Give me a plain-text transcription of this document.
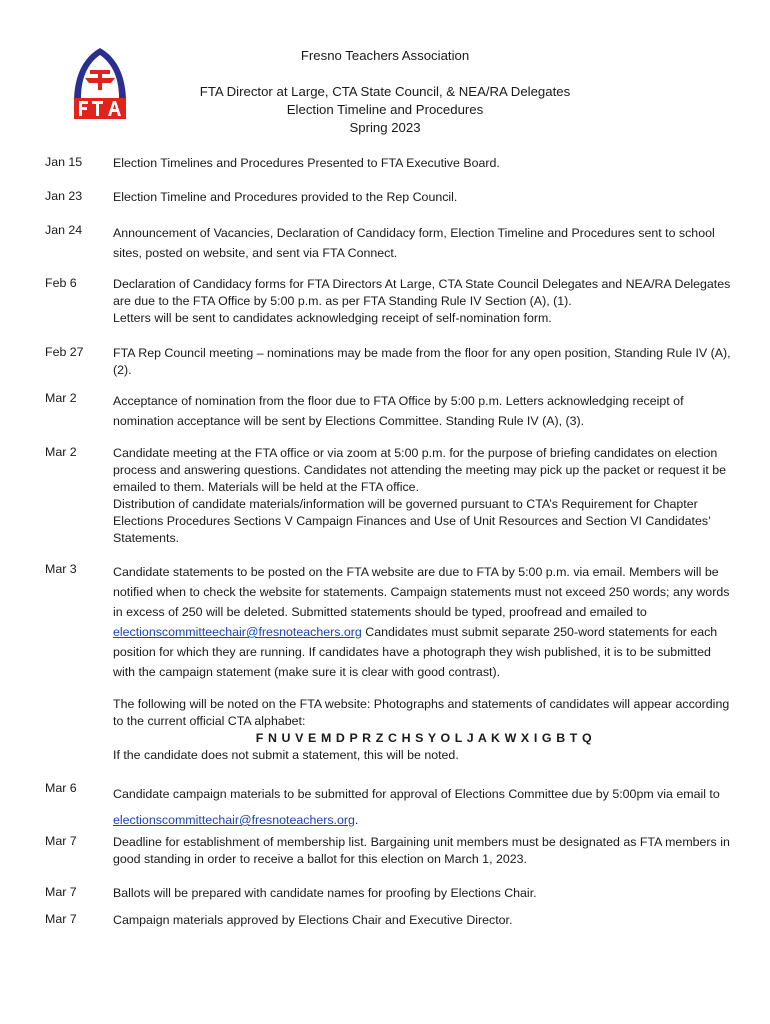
Fresno Teachers Association
FTA Director at Large, CTA State Council, & NEA/RA Delegates
Election Timeline and Procedures
Spring 2023
Jan 15	Election Timelines and Procedures Presented to FTA Executive Board.
Jan 23	Election Timeline and Procedures provided to the Rep Council.
Jan 24	Announcement of Vacancies, Declaration of Candidacy form, Election Timeline and Procedures sent to school sites, posted on website, and sent via FTA Connect.
Feb 6	Declaration of Candidacy forms for FTA Directors At Large, CTA State Council Delegates and NEA/RA Delegates are due to the FTA Office by 5:00 p.m. as per FTA Standing Rule IV Section (A), (1).

Letters will be sent to candidates acknowledging receipt of self-nomination form.

Feb 27	FTA Rep Council meeting – nominations may be made from the floor for any open position, Standing Rule IV (A), (2).
Mar 2	Acceptance of nomination from the floor due to FTA Office by 5:00 p.m. Letters acknowledging receipt of nomination acceptance will be sent by Elections Committee. Standing Rule IV (A), (3).
Mar 2	Candidate meeting at the FTA office or via zoom at 5:00 p.m. for the purpose of briefing candidates on election process and answering questions. Candidates not attending the meeting may pick up the packet or request it be emailed to them. Materials will be held at the FTA office.

Distribution of candidate materials/information will be governed pursuant to CTA’s Requirement for Chapter Elections Procedures Sections V Campaign Finances and Use of Unit Resources and Section VI Candidates’ Statements.

Mar 3	Candidate statements to be posted on the FTA website are due to FTA by 5:00 p.m. via email. Members will be notified when to check the website for statements. Campaign statements must not exceed 250 words; any words in excess of 250 will be deleted. Submitted statements should be typed, proofread and emailed to electionscommitteechair@fresnoteachers.org Candidates must submit separate 250-word statements for each position for which they are running. If candidates have a photograph they wish published, it is to be submitted with the campaign statement (make sure it is clear with good contrast).

The following will be noted on the FTA website: Photographs and statements of candidates will appear according to the current official CTA alphabet:

F N U V E M D P R Z C H S Y O L J A K W X I G B T Q

If the candidate does not submit a statement, this will be noted.

Mar 6	Candidate campaign materials to be submitted for approval of Elections Committee due by 5:00pm via email to electionscommittechair@fresnoteachers.org.
Mar 7	Deadline for establishment of membership list. Bargaining unit members must be designated as FTA members in good standing in order to receive a ballot for this election on March 1, 2023.
Mar 7	Ballots will be prepared with candidate names for proofing by Elections Chair.
Mar 7	Campaign materials approved by Elections Chair and Executive Director.
